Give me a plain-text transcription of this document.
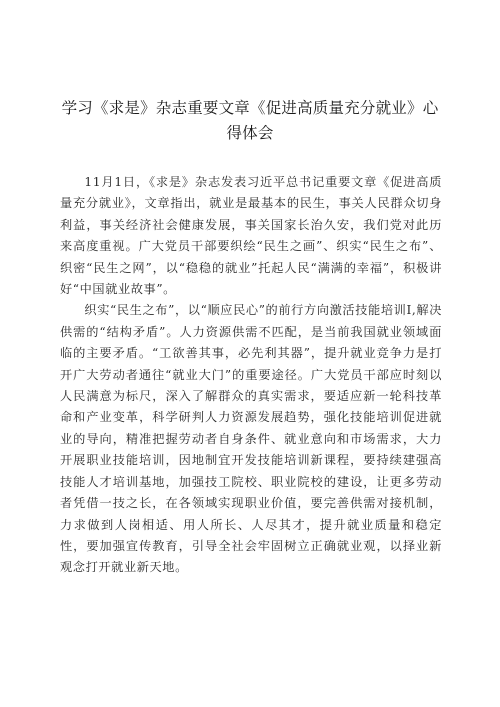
学习《求是》杂志重要文章《促进高质量充分就业》心
得体会

11月1日，《求是》杂志发表习近平总书记重要文章《促进高质量充分就业》，文章指出，就业是最基本的民生，事关人民群众切身利益，事关经济社会健康发展，事关国家长治久安，我们党对此历来高度重视。广大党员干部要织绘“民生之画”、织实“民生之布”、织密“民生之网”，以“稳稳的就业”托起人民“满满的幸福”，积极讲好“中国就业故事”。

织实“民生之布”，以“顺应民心”的前行方向激活技能培训I,解决供需的“结构矛盾”。人力资源供需不匹配，是当前我国就业领域面临的主要矛盾。“工欲善其事，必先利其器”，提升就业竞争力是打开广大劳动者通往“就业大门”的重要途径。广大党员干部应时刻以人民满意为标尺，深入了解群众的真实需求，要适应新一轮科技革命和产业变革，科学研判人力资源发展趋势，强化技能培训促进就业的导向，精准把握劳动者自身条件、就业意向和市场需求，大力开展职业技能培训，因地制宜开发技能培训新课程，要持续建强高技能人才培训基地，加强技工院校、职业院校的建设，让更多劳动者凭借一技之长，在各领域实现职业价值，要完善供需对接机制，力求做到人岗相适、用人所长、人尽其才，提升就业质量和稳定性，要加强宣传教育，引导全社会牢固树立正确就业观，以择业新观念打开就业新天地。
